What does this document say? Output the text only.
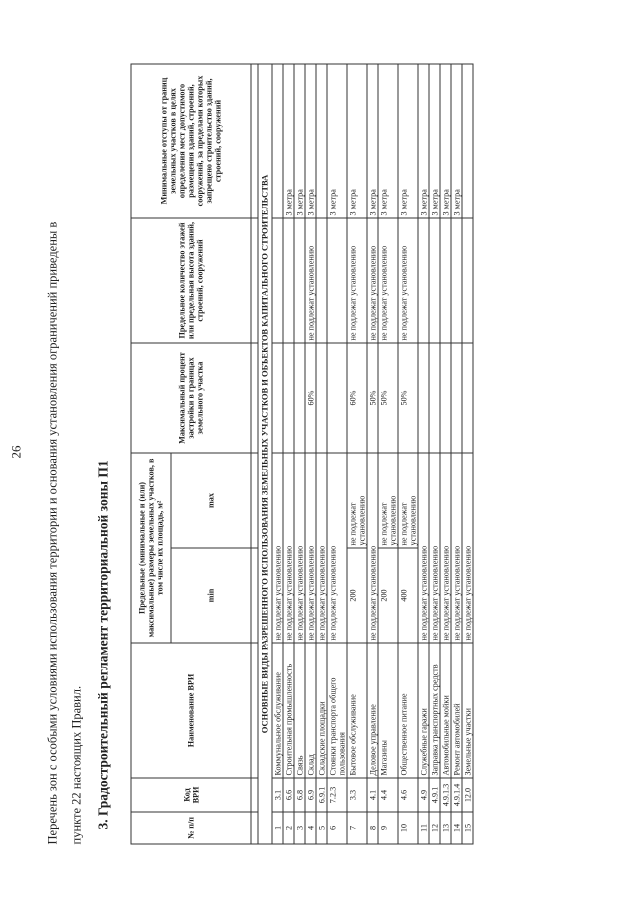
26	Перечень зон с особыми условиями использования территории и основания установления ограничений приведены в пункте 22 настоящих Правил. 3. Градостроительный регламент территориальной зоны П1	№ п/п	Код ВРИ	Наименование ВРИ	Предельные (минимальные и (или) максимальные) размеры земельных участков, в том числе их площадь, м²		Максимальный процент застройки в границах земельного участка	Предельное количество этажей или предельная высота зданий, строений, сооружений	Минимальные отступы от границ земельных участков в целях определения мест допустимого размещения зданий, строений, сооружений, за пределами которых запрещено строительство зданий, строений, сооружений
			min	max			

ОСНОВНЫЕ ВИДЫ РАЗРЕШЕННОГО ИСПОЛЬЗОВАНИЯ ЗЕМЕЛЬНЫХ УЧАСТКОВ И ОБЪЕКТОВ КАПИТАЛЬНОГО СТРОИТЕЛЬСТВА							
1	3.1	Коммунальное обслуживание	не подлежат установлению				
2	6.6	Строительная промышленность	не подлежат установлению				3 метра
3	6.8	Связь	не подлежат установлению				3 метра
4	6.9	Склад	не подлежат установлению		60%	не подлежат установлению	3 метра
5	6.9.1	Складские площадки	не подлежат установлению				
6	7.2.3	Стоянки транспорта общего пользования	не подлежат установлению				3 метра
7	3.3	Бытовое обслуживание	200	не подлежат установлению	60%	не подлежат установлению	3 метра
8	4.1	Деловое управление	не подлежат установлению		50%	не подлежат установлению	3 метра
9	4.4	Магазины	200	не подлежат установлению	50%	не подлежат установлению	3 метра
10	4.6	Общественное питание	400	не подлежат установлению	50%	не подлежат установлению	3 метра
11	4.9	Служебные гаражи	не подлежат установлению				3 метра
12	4.9.1	Заправка транспортных средств	не подлежат установлению				3 метра
13	4.9.1.3	Автомобильные мойки	не подлежат установлению				3 метра
14	4.9.1.4	Ремонт автомобилей	не подлежат установлению				3 метра
15	12.0	Земельные участки	не подлежат установлению				
